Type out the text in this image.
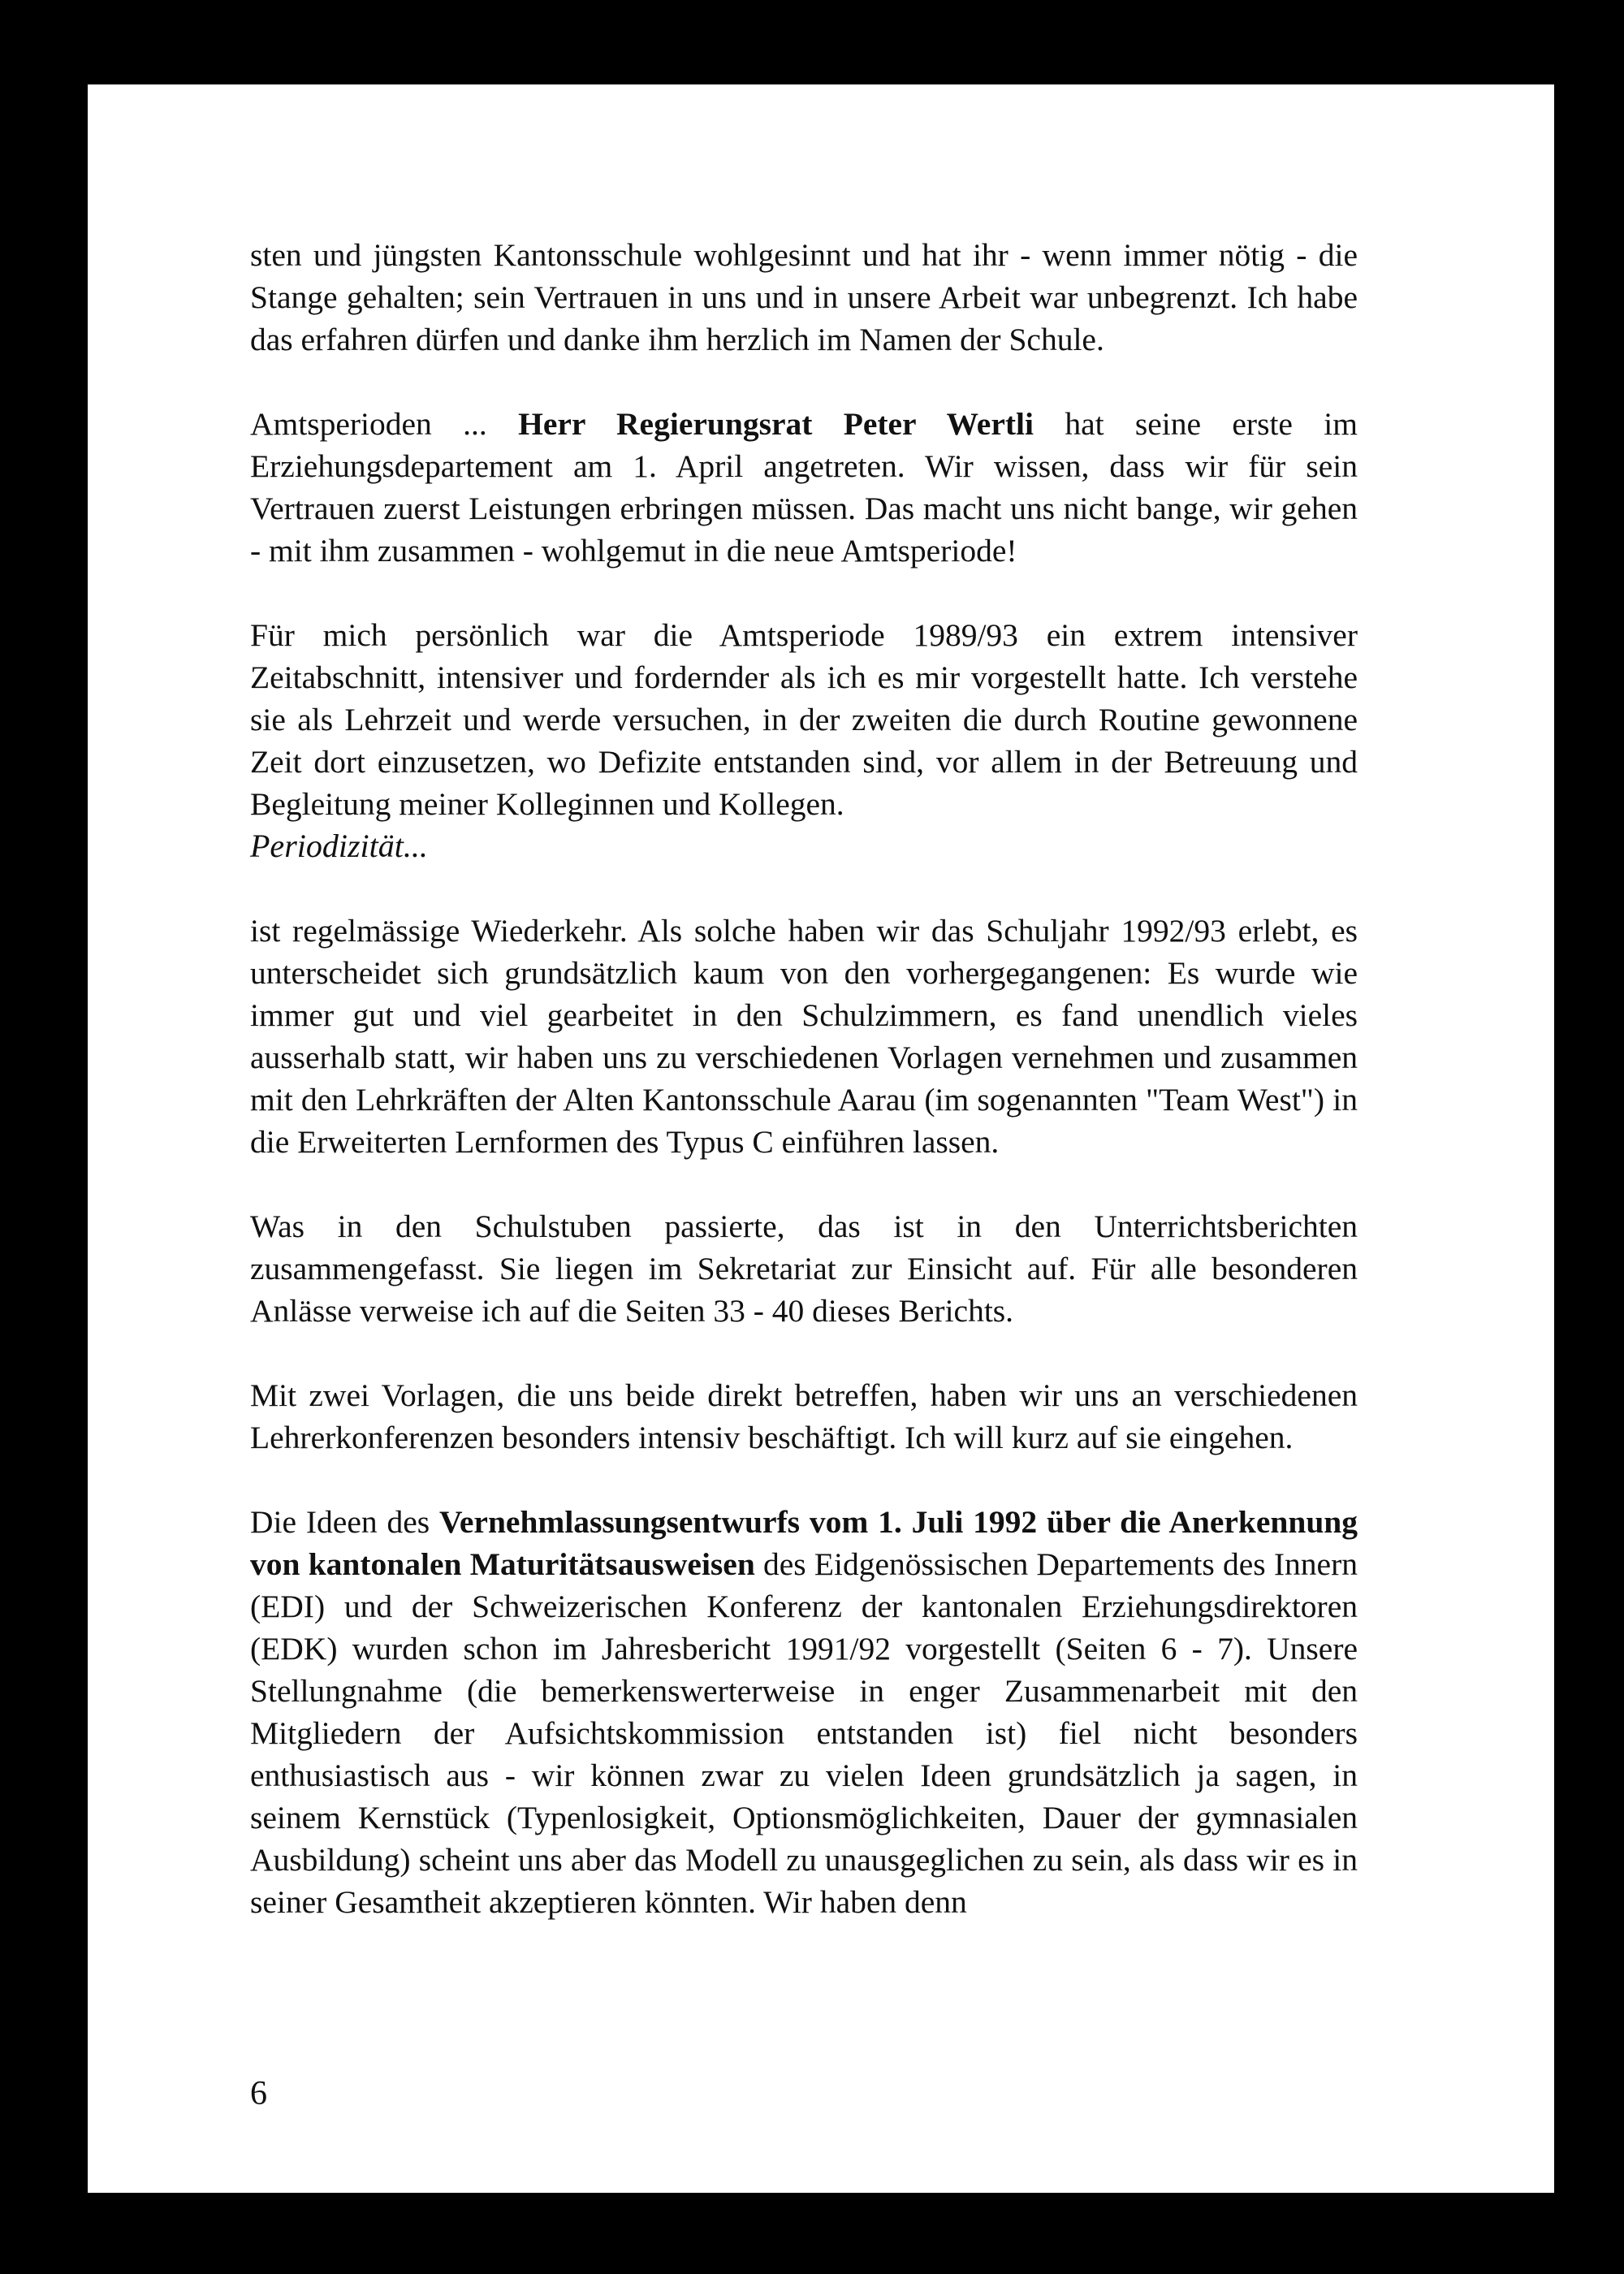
sten und jüngsten Kantonsschule wohlgesinnt und hat ihr - wenn immer nötig - die Stange gehalten; sein Vertrauen in uns und in unsere Arbeit war unbegrenzt. Ich habe das erfahren dürfen und danke ihm herzlich im Namen der Schule.

Amtsperioden ... Herr Regierungsrat Peter Wertli hat seine erste im Erziehungsdepartement am 1. April angetreten. Wir wissen, dass wir für sein Vertrauen zuerst Leistungen erbringen müssen. Das macht uns nicht bange, wir gehen - mit ihm zusammen - wohlgemut in die neue Amtsperiode!

Für mich persönlich war die Amtsperiode 1989/93 ein extrem intensiver Zeitabschnitt, intensiver und fordernder als ich es mir vorgestellt hatte. Ich verstehe sie als Lehrzeit und werde versuchen, in der zweiten die durch Routine gewonnene Zeit dort einzusetzen, wo Defizite entstanden sind, vor allem in der Betreuung und Begleitung meiner Kolleginnen und Kollegen.

Periodizität...

ist regelmässige Wiederkehr. Als solche haben wir das Schuljahr 1992/93 erlebt, es unterscheidet sich grundsätzlich kaum von den vorhergegangenen: Es wurde wie immer gut und viel gearbeitet in den Schulzimmern, es fand unendlich vieles ausserhalb statt, wir haben uns zu verschiedenen Vorlagen vernehmen und zusammen mit den Lehrkräften der Alten Kantonsschule Aarau (im sogenannten "Team West") in die Erweiterten Lernformen des Typus C einführen lassen.

Was in den Schulstuben passierte, das ist in den Unterrichtsberichten zusammengefasst. Sie liegen im Sekretariat zur Einsicht auf. Für alle besonderen Anlässe verweise ich auf die Seiten 33 - 40 dieses Berichts.

Mit zwei Vorlagen, die uns beide direkt betreffen, haben wir uns an verschiedenen Lehrerkonferenzen besonders intensiv beschäftigt. Ich will kurz auf sie eingehen.

Die Ideen des Vernehmlassungsentwurfs vom 1. Juli 1992 über die Anerkennung von kantonalen Maturitätsausweisen des Eidgenössischen Departements des Innern (EDI) und der Schweizerischen Konferenz der kantonalen Erziehungsdirektoren (EDK) wurden schon im Jahresbericht 1991/92 vorgestellt (Seiten 6 - 7). Unsere Stellungnahme (die bemerkenswerterweise in enger Zusammenarbeit mit den Mitgliedern der Aufsichtskommission entstanden ist) fiel nicht besonders enthusiastisch aus - wir können zwar zu vielen Ideen grundsätzlich ja sagen, in seinem Kernstück (Typenlosigkeit, Optionsmöglichkeiten, Dauer der gymnasialen Ausbildung) scheint uns aber das Modell zu unausgeglichen zu sein, als dass wir es in seiner Gesamtheit akzeptieren könnten. Wir haben denn

6
